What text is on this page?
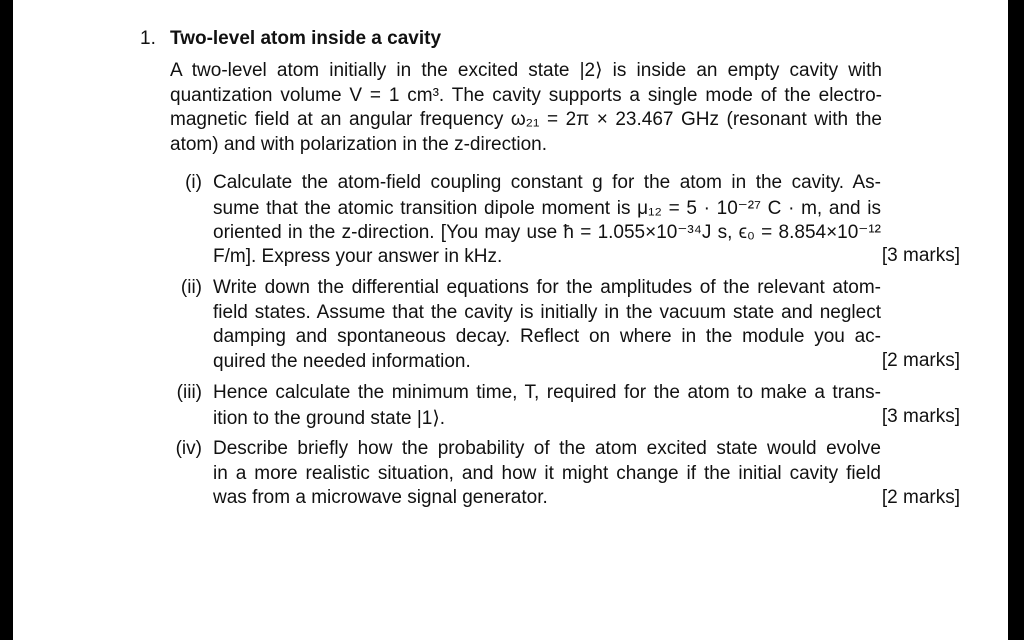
1. Two-level atom inside a cavity
A two-level atom initially in the excited state |2⟩ is inside an empty cavity with
quantization volume V = 1 cm³. The cavity supports a single mode of the electro-
magnetic field at an angular frequency ω₂₁ = 2π × 23.467 GHz (resonant with the
atom) and with polarization in the z-direction.
(i) Calculate the atom-field coupling constant g for the atom in the cavity. As-
sume that the atomic transition dipole moment is μ₁₂ = 5 · 10⁻²⁷ C · m, and is
oriented in the z-direction. [You may use ħ = 1.055×10⁻³⁴J s, ϵ₀ = 8.854×10⁻¹²
F/m]. Express your answer in kHz.	[3 marks]
(ii) Write down the differential equations for the amplitudes of the relevant atom-
field states. Assume that the cavity is initially in the vacuum state and neglect
damping and spontaneous decay. Reflect on where in the module you ac-
quired the needed information.	[2 marks]
(iii) Hence calculate the minimum time, T, required for the atom to make a trans-
ition to the ground state |1⟩.	[3 marks]
(iv) Describe briefly how the probability of the atom excited state would evolve
in a more realistic situation, and how it might change if the initial cavity field
was from a microwave signal generator.	[2 marks]
